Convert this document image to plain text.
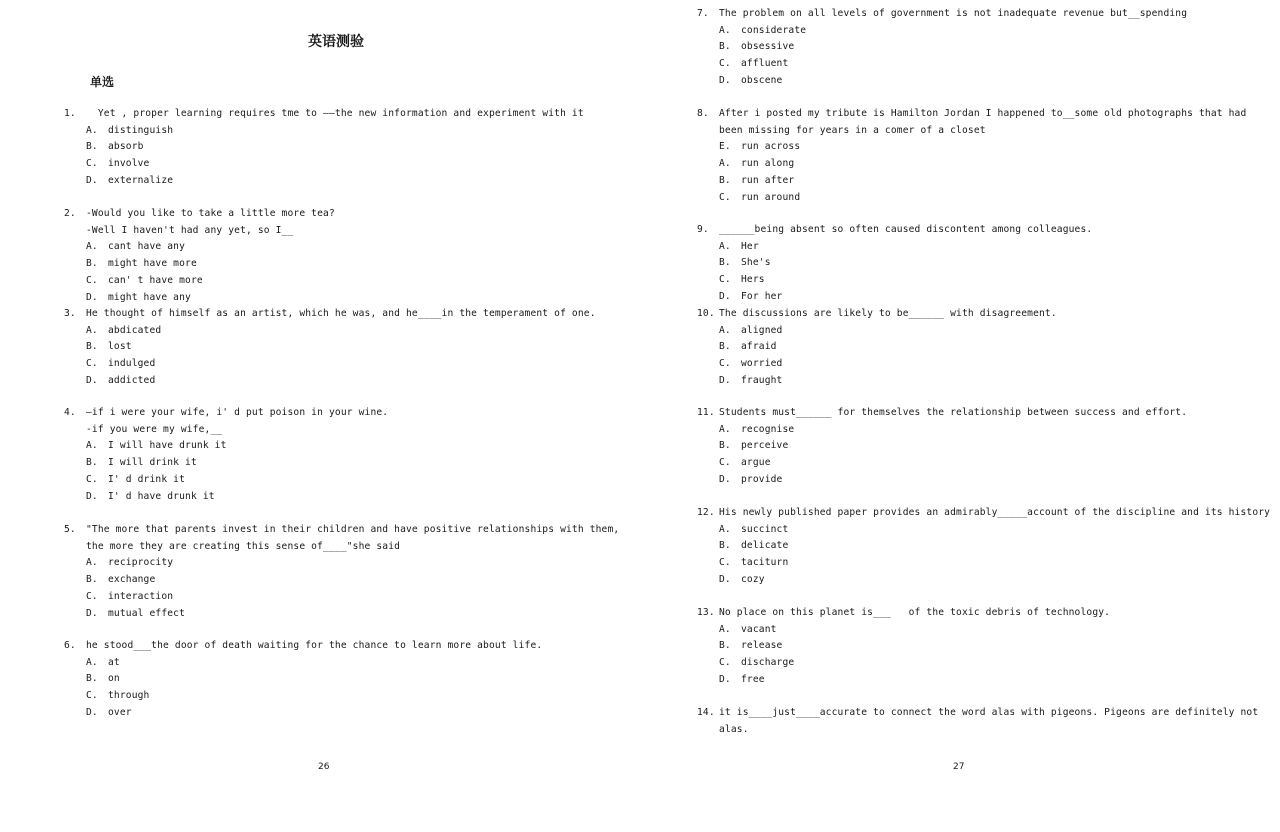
英语测验
单选
1.	Yet , proper learning requires tme to ——the new information and experiment with it
A.	distinguish
B.	absorb
C.	involve
D.	externalize
2.	-Would you like to take a little more tea?
-Well I haven't had any yet, so I__
A.	cant have any
B.	might have more
C.	can' t have more
D.	might have any
3.	He thought of himself as an artist, which he was, and he____in the temperament of one.
A.	abdicated
B.	lost
C.	indulged
D.	addicted
4.	—if i were your wife, i' d put poison in your wine.
-if you were my wife,__
A.	I will have drunk it
B.	I will drink it
C.	I' d drink it
D.	I' d have drunk it
5.	"The more that parents invest in their children and have positive relationships with them,
the more they are creating this sense of____"she said
A.	reciprocity
B.	exchange
C.	interaction
D.	mutual effect
6.	he stood___the door of death waiting for the chance to learn more about life.
A.	at
B.	on
C.	through
D.	over
26
7.	The problem on all levels of government is not inadequate revenue but__spending
A.	considerate
B.	obsessive
C.	affluent
D.	obscene
8.	After i posted my tribute is Hamilton Jordan I happened to__some old photographs that had
been missing for years in a comer of a closet
E.	run across
A.	run along
B.	run after
C.	run around
9.	______being absent so often caused discontent among colleagues.
A.	Her
B.	She's
C.	Hers
D.	For her
10. The discussions are likely to be______ with disagreement.
A.	aligned
B.	afraid
C.	worried
D.	fraught
11. Students must______ for themselves the relationship between success and effort.
A.	recognise
B.	perceive
C.	argue
D.	provide
12. His newly published paper provides an admirably_____account of the discipline and its history
A.	succinct
B.	delicate
C.	taciturn
D.	cozy
13. No place on this planet is___   of the toxic debris of technology.
A.	vacant
B.	release
C.	discharge
D.	free
14. it is____just____accurate to connect the word alas with pigeons. Pigeons are definitely not
alas.
27
